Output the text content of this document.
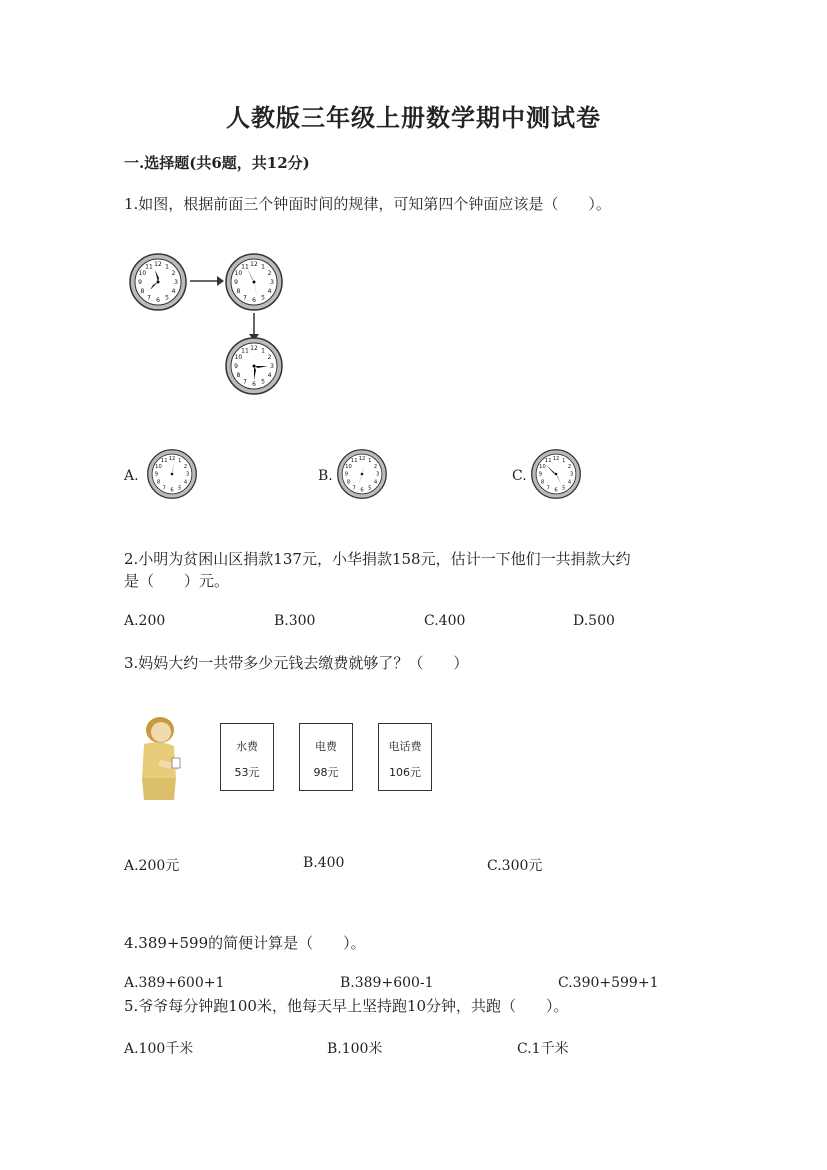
人教版三年级上册数学期中测试卷
一.选择题(共6题，共12分)
1.如图，根据前面三个钟面时间的规律，可知第四个钟面应该是（　　）。
12 1
2
3
4
5
6
7
8
9
10
11	12 1
2
3
4
5
6
7
8
9
10
11
12 1
2
3
4
5
6
7
8
9
10
11
A.
12 1
2
3
4
5
6
7
8
9
10
11
B.
12 1
2
3
4
5
6
7
8
9
10
11
C.
12 1
2
3
4
5
6
7
8
9
10
11
2.小明为贫困山区捐款137元，小华捐款158元，估计一下他们一共捐款大约
是（　　）元。
A.200	B.300	C.400	D.500
3.妈妈大约一共带多少元钱去缴费就够了？（　　）
水费
53元
电费
98元
电话费
106元
A.200元	B.400	C.300元
4.389+599的简便计算是（　　）。
A.389+600+1	B.389+600-1	C.390+599+1
5.爷爷每分钟跑100米，他每天早上坚持跑10分钟，共跑（　　）。
A.100千米	B.100米	C.1千米
